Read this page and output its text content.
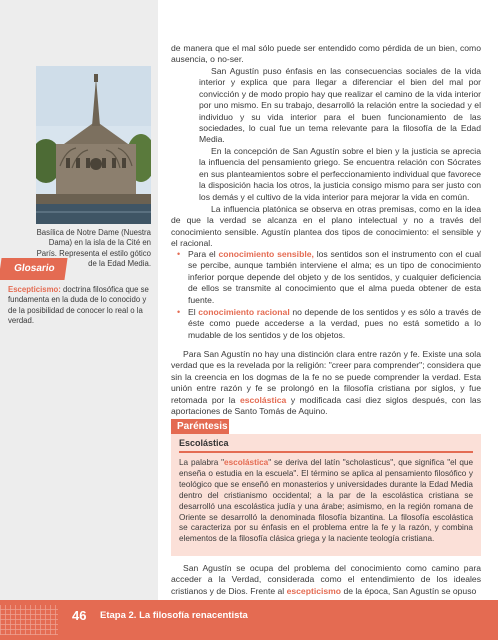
Basílica de Notre Dame (Nuestra
Dama) en la isla de la Cité en
París. Representa el estilo gótico
de la Edad Media.
Glosario
Escepticismo: doctrina filosófica que se fundamenta en la duda de lo conocido y de la posibilidad de conocer lo real o la verdad.

de manera que el mal sólo puede ser entendido como pérdida de un bien, como ausencia, o no-ser.

San Agustín puso énfasis en las consecuencias sociales de la vida interior y explica que para llegar a diferenciar el bien del mal por convicción y de modo propio hay que realizar el camino de la vida interior por uno mismo. En su trabajo, desarrolló la relación entre la sociedad y el individuo y su vida interior para el buen funcionamiento de las sociedades, lo cual fue un tema relevante para la filosofía de la Edad Media.

En la concepción de San Agustín sobre el bien y la justicia se aprecia la influencia del pensamiento griego. Se encuentra relación con Sócrates en sus planteamientos sobre el perfeccionamiento individual que favorece la disposición hacia los otros, la justicia consigo mismo para ser justo con los demás y el cultivo de la vida interior para mejorar la vida en común.

La influencia platónica se observa en otras premisas, como en la idea de que la verdad se alcanza en el plano intelectual y no a través del conocimiento sensible. Agustín plantea dos tipos de conocimiento: el sensible y el racional.

• Para el conocimiento sensible, los sentidos son el instrumento con el cual se percibe, aunque también interviene el alma; es un tipo de conocimiento inferior porque depende del objeto y de los sentidos, y cualquier deficiencia de ellos se transmite al conocimiento que el alma pueda obtener de esta fuente.

• El conocimiento racional no depende de los sentidos y es sólo a través de éste como puede accederse a la verdad, pues no está sometido a lo mudable de los sentidos y de los objetos.

Para San Agustín no hay una distinción clara entre razón y fe. Existe una sola verdad que es la revelada por la religión: "creer para comprender"; considera que sin la creencia en los dogmas de la fe no se puede comprender la verdad. Esta unión entre razón y fe se prolongó en la filosofía cristiana por siglos, y fue retomada por la escolástica y modificada casi diez siglos después, con las aportaciones de Santo Tomás de Aquino.

Paréntesis
Escolástica

La palabra "escolástica" se deriva del latín "scholasticus", que significa "el que enseña o estudia en la escuela". El término se aplica al pensamiento filosófico y teológico que se enseñó en monasterios y universidades durante la Edad Media dentro del cristianismo occidental; a la par de la escolástica cristiana se desarrolló una escolástica judía y una árabe; asimismo, en la región romana de Oriente se desarrolló la denominada filosofía bizantina. La filosofía escolástica se caracteriza por su énfasis en el problema entre la fe y la razón, y combina elementos de la filosofía clásica griega y la naciente teología cristiana.

San Agustín se ocupa del problema del conocimiento como camino para acceder a la Verdad, considerada como el entendimiento de los ideales cristianos y de Dios. Frente al escepticismo de la época, San Agustín se opuso

46 Etapa 2. La filosofía renacentista
